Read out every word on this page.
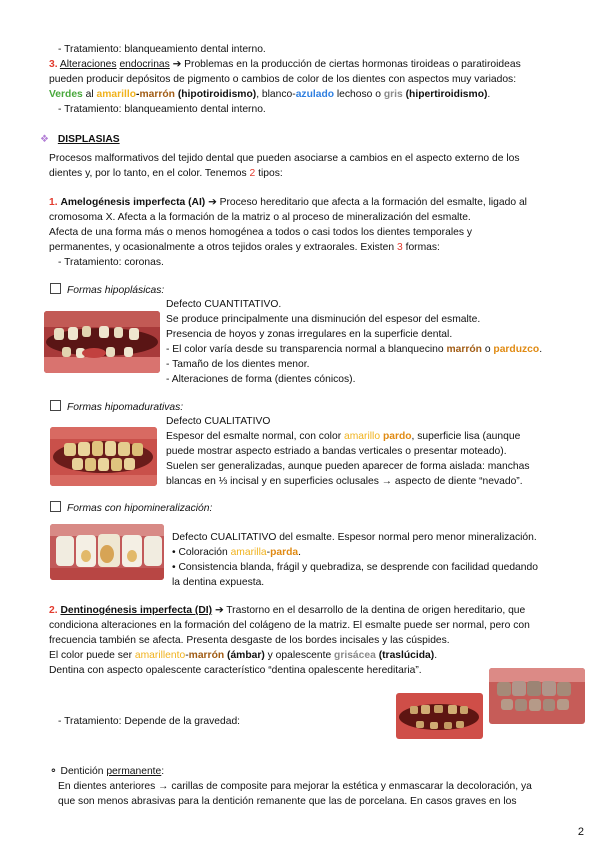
- Tratamiento: blanqueamiento dental interno.
3. Alteraciones endocrinas ➔ Problemas en la producción de ciertas hormonas tiroideas o paratiroideas
pueden producir depósitos de pigmento o cambios de color de los dientes con aspectos muy variados:
Verdes al amarillo-marrón (hipotiroidismo), blanco-azulado lechoso o gris (hipertiroidismo).
- Tratamiento: blanqueamiento dental interno.
❖ DISPLASIAS
Procesos malformativos del tejido dental que pueden asociarse a cambios en el aspecto externo de los
dientes y, por lo tanto, en el color. Tenemos 2 tipos:
1. Amelogénesis imperfecta (AI) ➔ Proceso hereditario que afecta a la formación del esmalte, ligado al
cromosoma X. Afecta a la formación de la matriz o al proceso de mineralización del esmalte.
Afecta de una forma más o menos homogénea a todos o casi todos los dientes temporales y
permanentes, y ocasionalmente a otros tejidos orales y extraorales. Existen 3 formas:
- Tratamiento: coronas.
Formas hipoplásicas:
Defecto CUANTITATIVO.
Se produce principalmente una disminución del espesor del esmalte.
Presencia de hoyos y zonas irregulares en la superficie dental.
- El color varía desde su transparencia normal a blanquecino marrón o parduzco.
- Tamaño de los dientes menor.
- Alteraciones de forma (dientes cónicos).
Formas hipomadurativas:
Defecto CUALITATIVO
Espesor del esmalte normal, con color amarillo pardo, superficie lisa (aunque
puede mostrar aspecto estriado a bandas verticales o presentar moteado).
Suelen ser generalizadas, aunque pueden aparecer de forma aislada: manchas
blancas en ⅓ incisal y en superficies oclusales → aspecto de diente “nevado”.
Formas con hipomineralización:
Defecto CUALITATIVO del esmalte. Espesor normal pero menor mineralización.
• Coloración amarilla-parda.
• Consistencia blanda, frágil y quebradiza, se desprende con facilidad quedando
la dentina expuesta.
2. Dentinogénesis imperfecta (DI) ➔ Trastorno en el desarrollo de la dentina de origen hereditario, que
condiciona alteraciones en la formación del colágeno de la matriz. El esmalte puede ser normal, pero con
frecuencia también se afecta. Presenta desgaste de los bordes incisales y las cúspides.
El color puede ser amarillento-marrón (ámbar) y opalescente grisácea (traslúcida).
Dentina con aspecto opalescente característico “dentina opalescente hereditaria”.
- Tratamiento: Depende de la gravedad:
⚬ Dentición permanente:
En dientes anteriores → carillas de composite para mejorar la estética y enmascarar la decoloración, ya
que son menos abrasivas para la dentición remanente que las de porcelana. En casos graves en los
2
